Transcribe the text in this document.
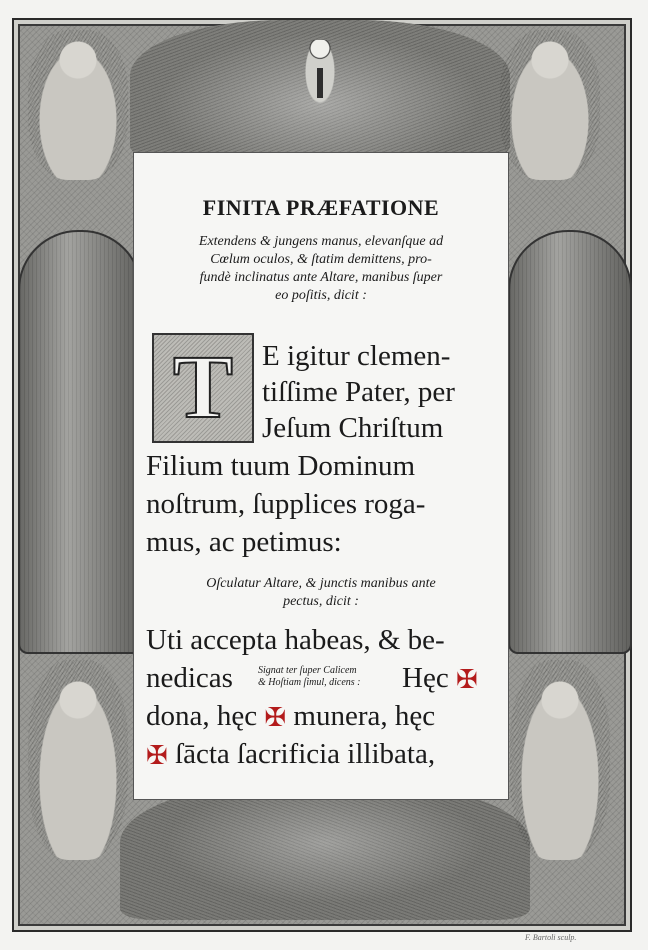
FINITA PRÆFATIONE
Extendens & jungens manus, elevanſque ad
Cœlum oculos, & ſtatim demittens, pro-
fundè inclinatus ante Altare, manibus ſuper
eo poſitis, dicit :
T E igitur clemen-
tiſſime Pater, per
Jeſum Chriſtum
Filium tuum Dominum
noſtrum, ſupplices roga-
mus, ac petimus:
Oſculatur Altare, & junctis manibus ante
pectus, dicit :
Uti accepta habeas, & be-
nedicas	Signat ter ſuper Calicem
& Hoſtiam ſimul, dicens : Hęc ✠
dona, hęc ✠ munera, hęc
✠ ſācta ſacrificia illibata,
F. Bartoli sculp.
